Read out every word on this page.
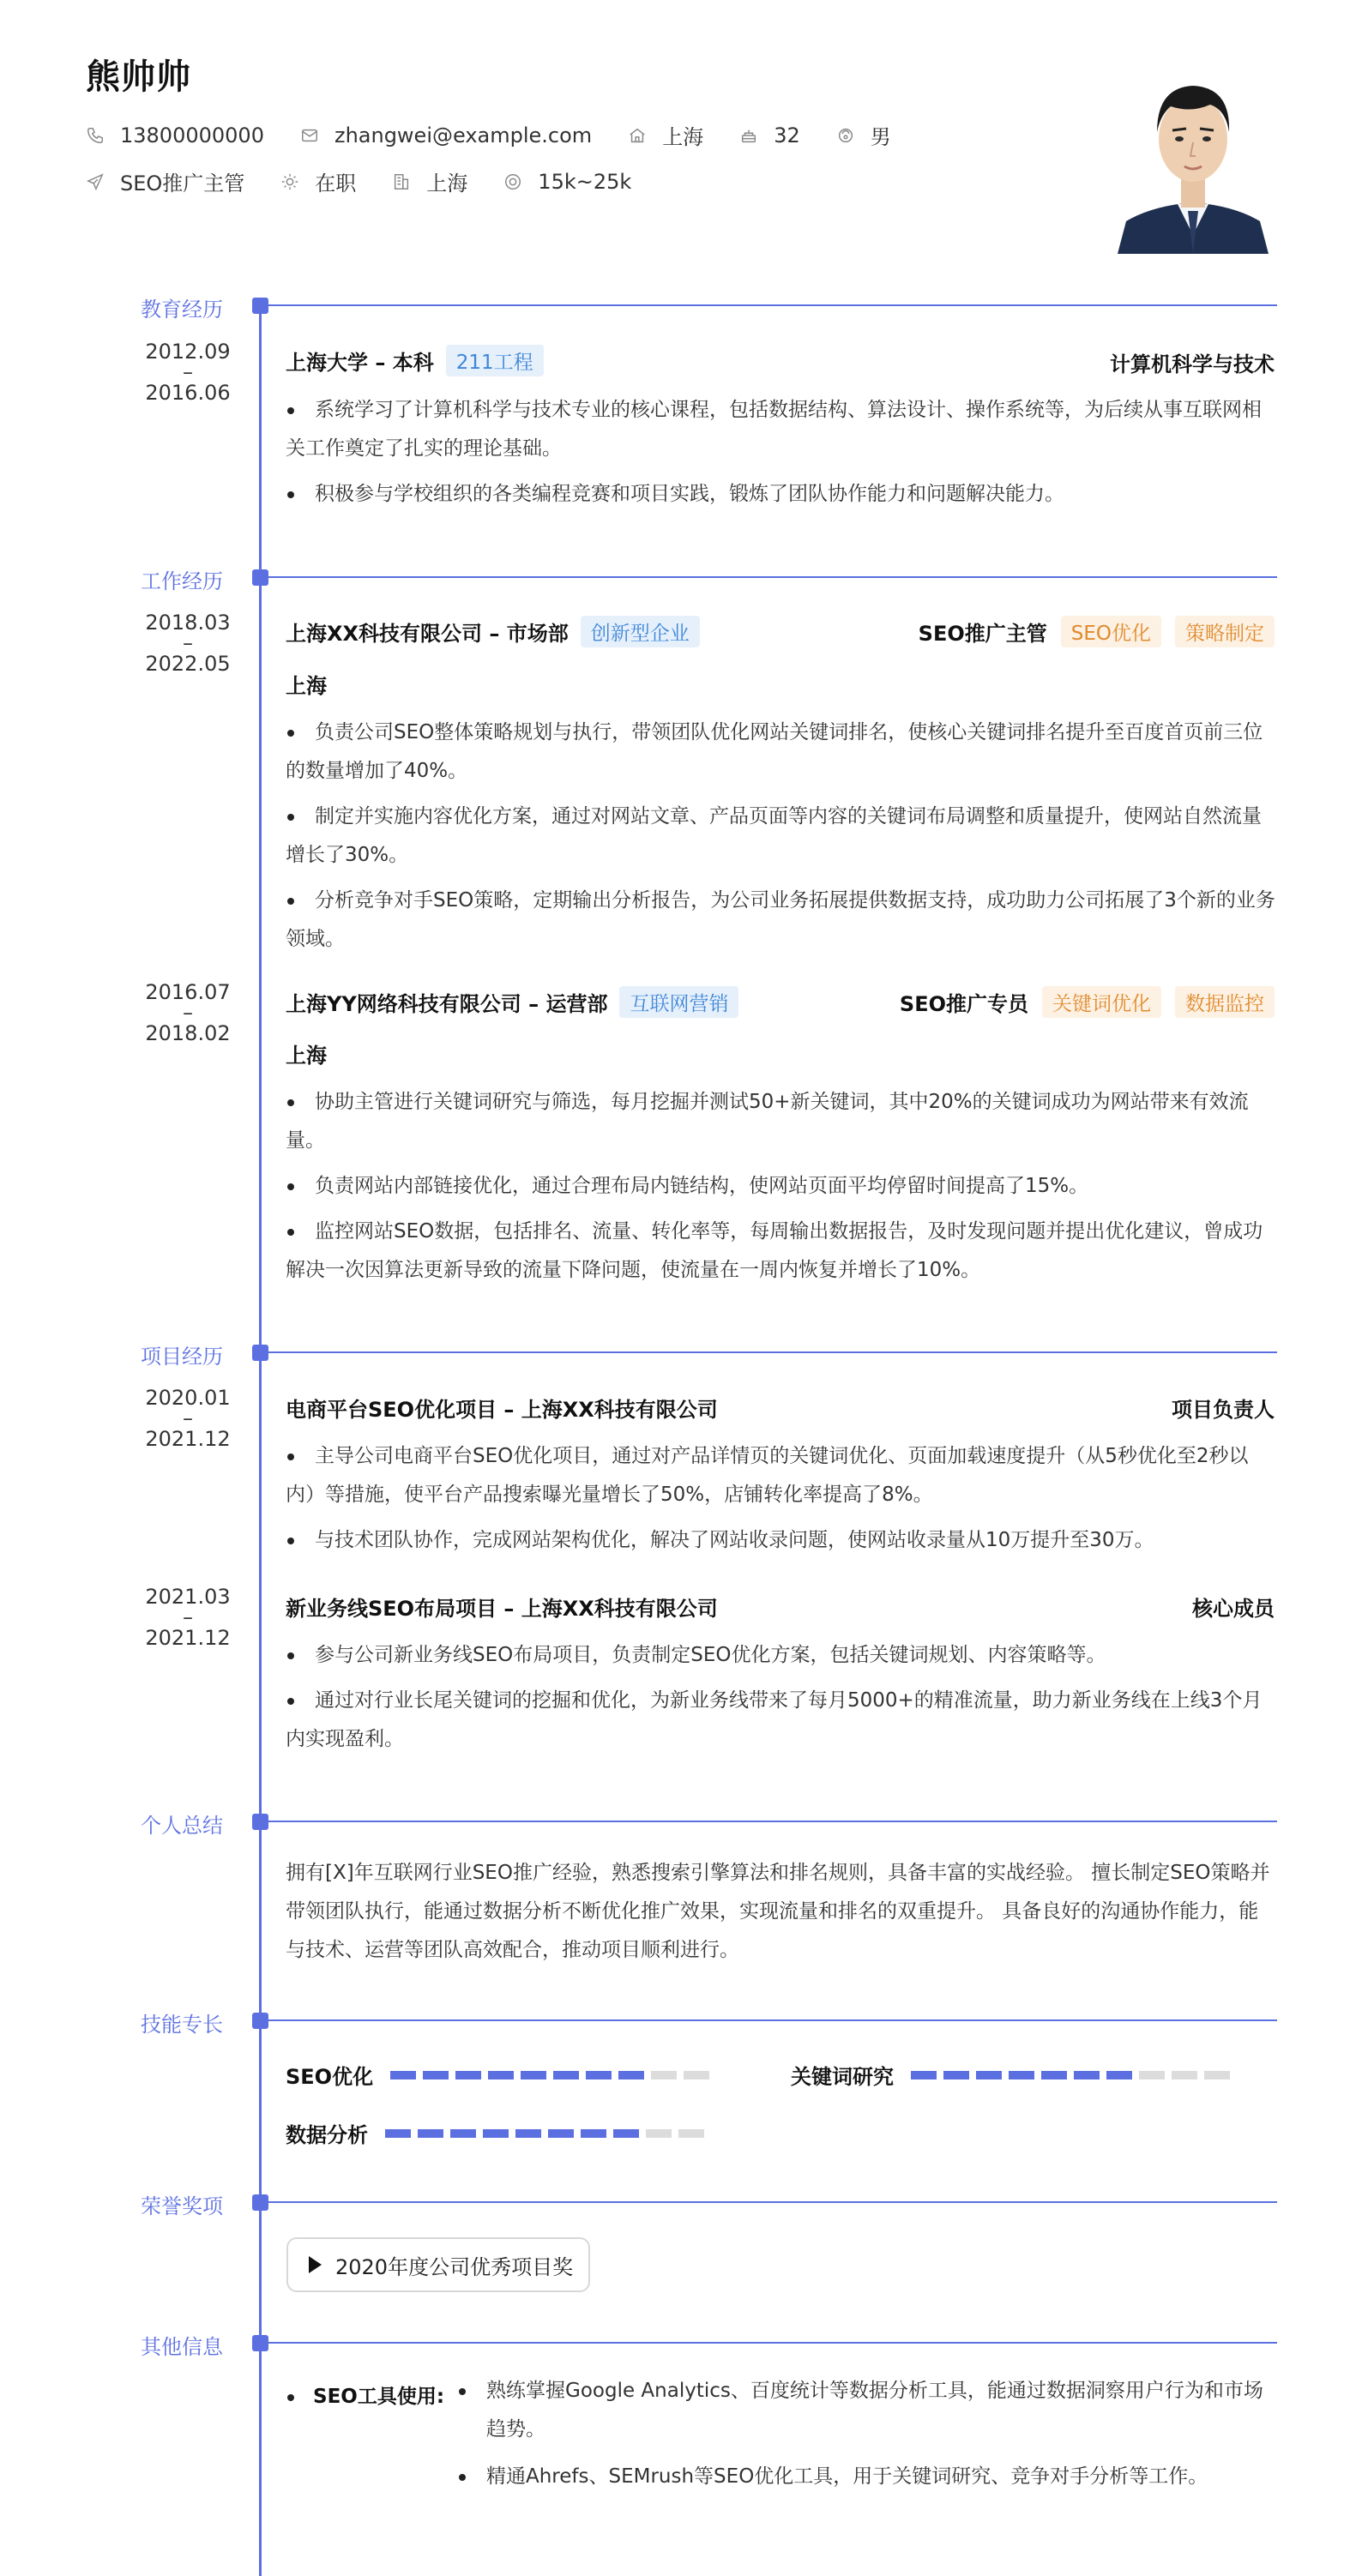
熊帅帅
13800000000	zhangwei@example.com	上海	32	男
SEO推广主管	在职	上海	15k~25k
教育经历
2012.09
–
2016.06
上海大学 – 本科	211工程	计算机科学与技术
系统学习了计算机科学与技术专业的核心课程，包括数据结构、算法设计、操作系统等，为后续从事互联网相关工作奠定了扎实的理论基础。
积极参与学校组织的各类编程竞赛和项目实践，锻炼了团队协作能力和问题解决能力。
工作经历
2018.03
–
2022.05
上海XX科技有限公司 – 市场部	创新型企业	SEO推广主管	SEO优化	策略制定
上海
负责公司SEO整体策略规划与执行，带领团队优化网站关键词排名，使核心关键词排名提升至百度首页前三位的数量增加了40%。
制定并实施内容优化方案，通过对网站文章、产品页面等内容的关键词布局调整和质量提升，使网站自然流量增长了30%。
分析竞争对手SEO策略，定期输出分析报告，为公司业务拓展提供数据支持，成功助力公司拓展了3个新的业务领域。
2016.07
–
2018.02
上海YY网络科技有限公司 – 运营部	互联网营销	SEO推广专员	关键词优化	数据监控
上海
协助主管进行关键词研究与筛选，每月挖掘并测试50+新关键词，其中20%的关键词成功为网站带来有效流量。
负责网站内部链接优化，通过合理布局内链结构，使网站页面平均停留时间提高了15%。
监控网站SEO数据，包括排名、流量、转化率等，每周输出数据报告，及时发现问题并提出优化建议，曾成功解决一次因算法更新导致的流量下降问题，使流量在一周内恢复并增长了10%。
项目经历
2020.01
–
2021.12
电商平台SEO优化项目 – 上海XX科技有限公司	项目负责人
主导公司电商平台SEO优化项目，通过对产品详情页的关键词优化、页面加载速度提升（从5秒优化至2秒以内）等措施，使平台产品搜索曝光量增长了50%，店铺转化率提高了8%。
与技术团队协作，完成网站架构优化，解决了网站收录问题，使网站收录量从10万提升至30万。
2021.03
–
2021.12
新业务线SEO布局项目 – 上海XX科技有限公司	核心成员
参与公司新业务线SEO布局项目，负责制定SEO优化方案，包括关键词规划、内容策略等。
通过对行业长尾关键词的挖掘和优化，为新业务线带来了每月5000+的精准流量，助力新业务线在上线3个月内实现盈利。
个人总结
拥有[X]年互联网行业SEO推广经验，熟悉搜索引擎算法和排名规则，具备丰富的实战经验。 擅长制定SEO策略并带领团队执行，能通过数据分析不断优化推广效果，实现流量和排名的双重提升。 具备良好的沟通协作能力，能与技术、运营等团队高效配合，推动项目顺利进行。
技能专长
SEO优化	关键词研究
数据分析
荣誉奖项
2020年度公司优秀项目奖
其他信息
SEO工具使用:	熟练掌握Google Analytics、百度统计等数据分析工具，能通过数据洞察用户行为和市场趋势。
精通Ahrefs、SEMrush等SEO优化工具，用于关键词研究、竞争对手分析等工作。
